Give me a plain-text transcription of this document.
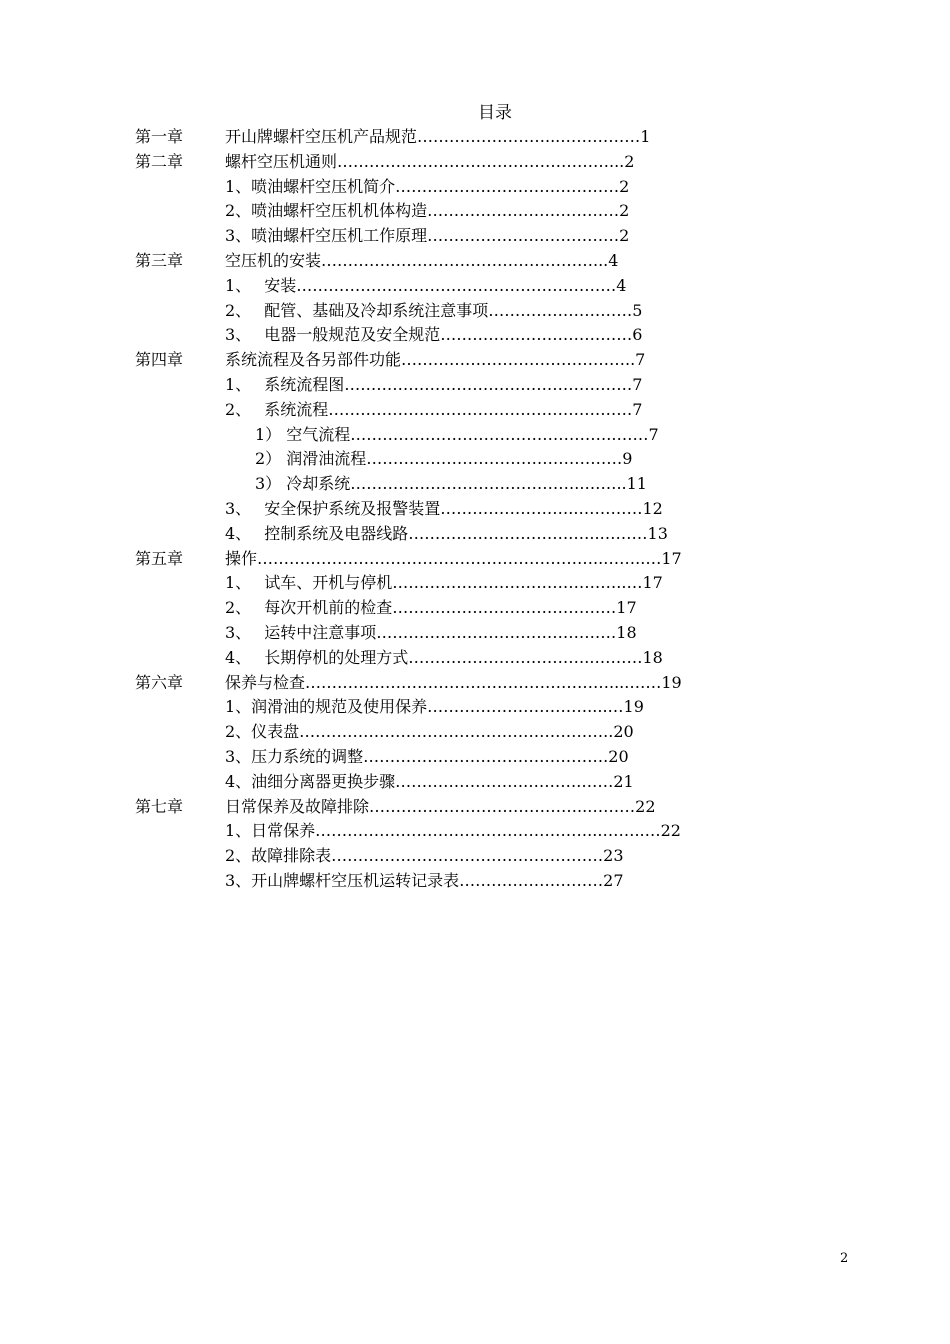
目录
第一章	开山牌螺杆空压机产品规范……………………...……………1
第二章	螺杆空压机通则……………………………………………...2
1、喷油螺杆空压机简介……………………………………2
2、喷油螺杆空压机机体构造………………………………2
3、喷油螺杆空压机工作原理………………………………2
第三章	空压机的安装……………………………………………...4
1、　 安装……………………………………………………4
2、　 配管、基础及冷却系统注意事项………………………5
3、　 电器一般规范及安全规范………………………………6
第四章	系统流程及各另部件功能……………………………………..7
1、　 系统流程图………………………………………………7
2、　 系统流程…………………………………………………7
1） 空气流程…………………………………………..……7
2） 润滑油流程…………………………………………9
3） 冷却系统……………………………………..……..11
3、　 安全保护系统及报警装置……………………..…………12
4、　 控制系统及电器线路………………………….…..………13
第五章	操作………………………………………………………..……..…17
1、　 试车、开机与停机……………………………………..…17
2、　 每次开机前的检查……………………………………17
3、　 运转中注意事项………………………………………18
4、　 长期停机的处理方式……………………………..………18
第六章	保养与检查…………………………………………………....……19
1、润滑油的规范及使用保养…………………………....…19
2、仪表盘…………………………………………………..20
3、压力系统的调整……………………………………….20
4、油细分离器更换步骤…………………….……….……21
第七章	日常保养及故障排除…………………………………..………22
1、日常保养……………………………………………...……..…22
2、故障排除表……………………………………………23
3、开山牌螺杆空压机运转记录表………………………27
2
